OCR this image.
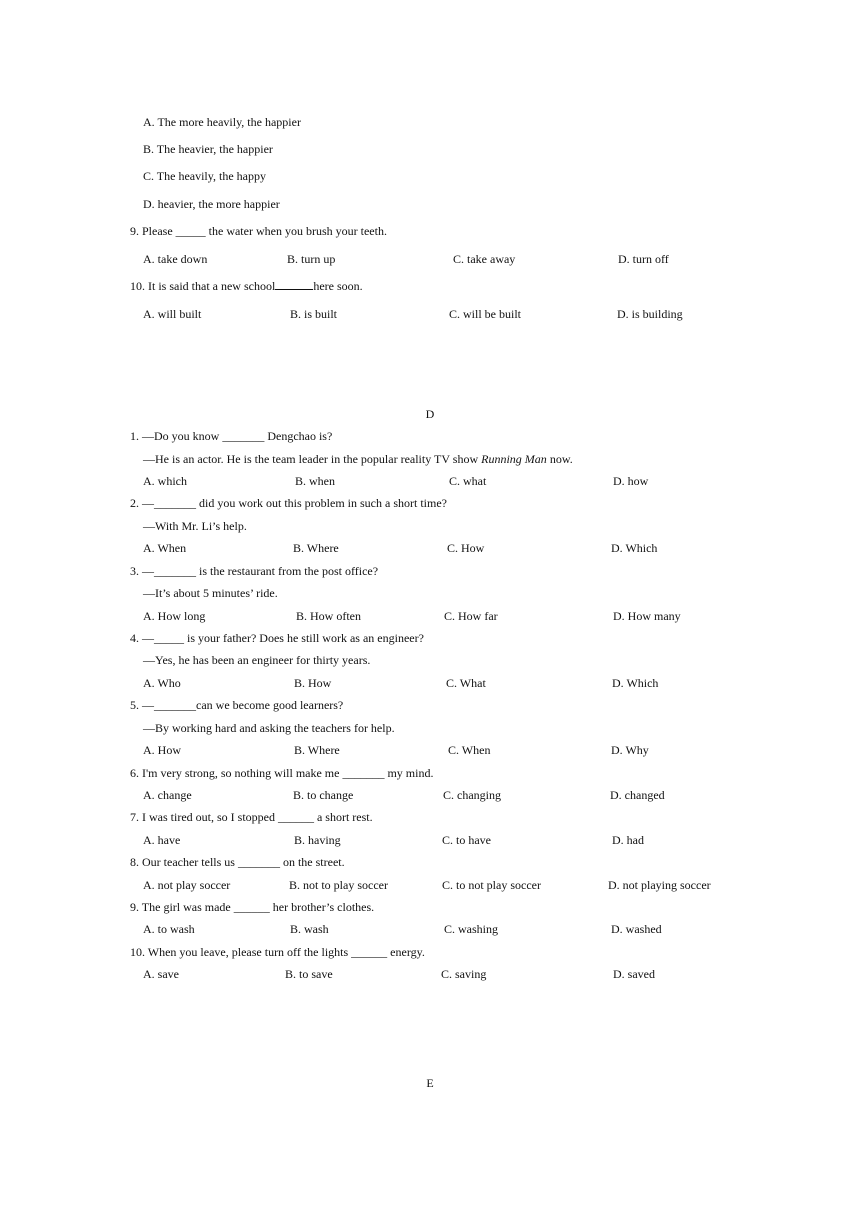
A. The more heavily, the happier
B. The heavier, the happier
C. The heavily, the happy
D. heavier, the more happier
9. Please _____ the water when you brush your teeth.
A. take down	B. turn up	C. take away	D. turn off
10. It is said that a new school	here soon.
A. will built	B. is built	C. will be built	D. is building
D
1. —Do you know _______ Dengchao is?
—He is an actor. He is the team leader in the popular reality TV show Running Man now.
A. which	B. when	C. what	D. how
2. —_______ did you work out this problem in such a short time?
—With Mr. Li’s help.
A. When	B. Where	C. How	D. Which
3. —_______ is the restaurant from the post office?
—It’s about 5 minutes’ ride.
A. How long	B. How often	C. How far	D. How many
4. —_____ is your father? Does he still work as an engineer?
—Yes, he has been an engineer for thirty years.
A. Who	B. How	C. What	D. Which
5. —_______can we become good learners?
—By working hard and asking the teachers for help.
A. How	B. Where	C. When	D. Why
6. I'm very strong, so nothing will make me _______ my mind.
A. change	B. to change	C. changing	D. changed
7. I was tired out, so I stopped ______ a short rest.
A. have	B. having	C. to have	D. had
8. Our teacher tells us _______ on the street.
A. not play soccer	B. not to play soccer	C. to not play soccer	D. not playing soccer
9. The girl was made ______ her brother’s clothes.
A. to wash	B. wash	C. washing	D. washed
10. When you leave, please turn off the lights ______ energy.
A. save	B. to save	C. saving	D. saved
E
